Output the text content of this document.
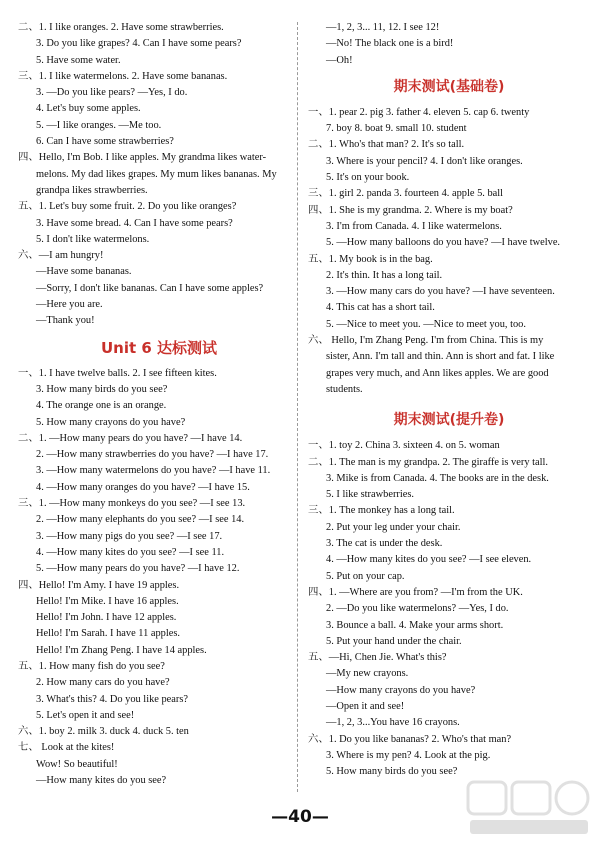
二、1. I like oranges. 2. Have some strawberries.
3. Do you like grapes? 4. Can I have some pears?
5. Have some water.
三、1. I like watermelons. 2. Have some bananas.
3. —Do you like pears? —Yes, I do.
4. Let's buy some apples.
5. —I like oranges. —Me too.
6. Can I have some strawberries?
四、Hello, I'm Bob. I like apples. My grandma likes water-
melons. My dad likes grapes. My mum likes bananas. My
grandpa likes strawberries.
五、1. Let's buy some fruit. 2. Do you like oranges?
3. Have some bread. 4. Can I have some pears?
5. I don't like watermelons.
六、—I am hungry!
—Have some bananas.
—Sorry, I don't like bananas. Can I have some apples?
—Here you are.
—Thank you!
Unit 6 达标测试
一、1. I have twelve balls. 2. I see fifteen kites.
3. How many birds do you see?
4. The orange one is an orange.
5. How many crayons do you have?
二、1. —How many pears do you have? —I have 14.
2. —How many strawberries do you have? —I have 17.
3. —How many watermelons do you have? —I have 11.
4. —How many oranges do you have? —I have 15.
三、1. —How many monkeys do you see? —I see 13.
2. —How many elephants do you see? —I see 14.
3. —How many pigs do you see? —I see 17.
4. —How many kites do you see? —I see 11.
5. —How many pears do you have? —I have 12.
四、Hello! I'm Amy. I have 19 apples.
Hello! I'm Mike. I have 16 apples.
Hello! I'm John. I have 12 apples.
Hello! I'm Sarah. I have 11 apples.
Hello! I'm Zhang Peng. I have 14 apples.
五、1. How many fish do you see?
2. How many cars do you have?
3. What's this? 4. Do you like pears?
5. Let's open it and see!
六、1. boy 2. milk 3. duck 4. duck 5. ten
七、 Look at the kites!
Wow! So beautiful!
—How many kites do you see?
—1, 2, 3... 11, 12. I see 12!
—No! The black one is a bird!
—Oh!
期末测试(基础卷)
一、1. pear 2. pig 3. father 4. eleven 5. cap 6. twenty
7. boy 8. boat 9. small 10. student
二、1. Who's that man? 2. It's so tall.
3. Where is your pencil? 4. I don't like oranges.
5. It's on your book.
三、1. girl 2. panda 3. fourteen 4. apple 5. ball
四、1. She is my grandma. 2. Where is my boat?
3. I'm from Canada. 4. I like watermelons.
5. —How many balloons do you have? —I have twelve.
五、1. My book is in the bag.
2. It's thin. It has a long tail.
3. —How many cars do you have? —I have seventeen.
4. This cat has a short tail.
5. —Nice to meet you. —Nice to meet you, too.
六、 Hello, I'm Zhang Peng. I'm from China. This is my
sister, Ann. I'm tall and thin. Ann is short and fat. I like
grapes very much, and Ann likes apples. We are good
students.
期末测试(提升卷)
一、1. toy 2. China 3. sixteen 4. on 5. woman
二、1. The man is my grandpa. 2. The giraffe is very tall.
3. Mike is from Canada. 4. The books are in the desk.
5. I like strawberries.
三、1. The monkey has a long tail.
2. Put your leg under your chair.
3. The cat is under the desk.
4. —How many kites do you see? —I see eleven.
5. Put on your cap.
四、1. —Where are you from? —I'm from the UK.
2. —Do you like watermelons? —Yes, I do.
3. Bounce a ball. 4. Make your arms short.
5. Put your hand under the chair.
五、—Hi, Chen Jie. What's this?
—My new crayons.
—How many crayons do you have?
—Open it and see!
—1, 2, 3...You have 16 crayons.
六、1. Do you like bananas? 2. Who's that man?
3. Where is my pen? 4. Look at the pig.
5. How many birds do you see?
—40—
